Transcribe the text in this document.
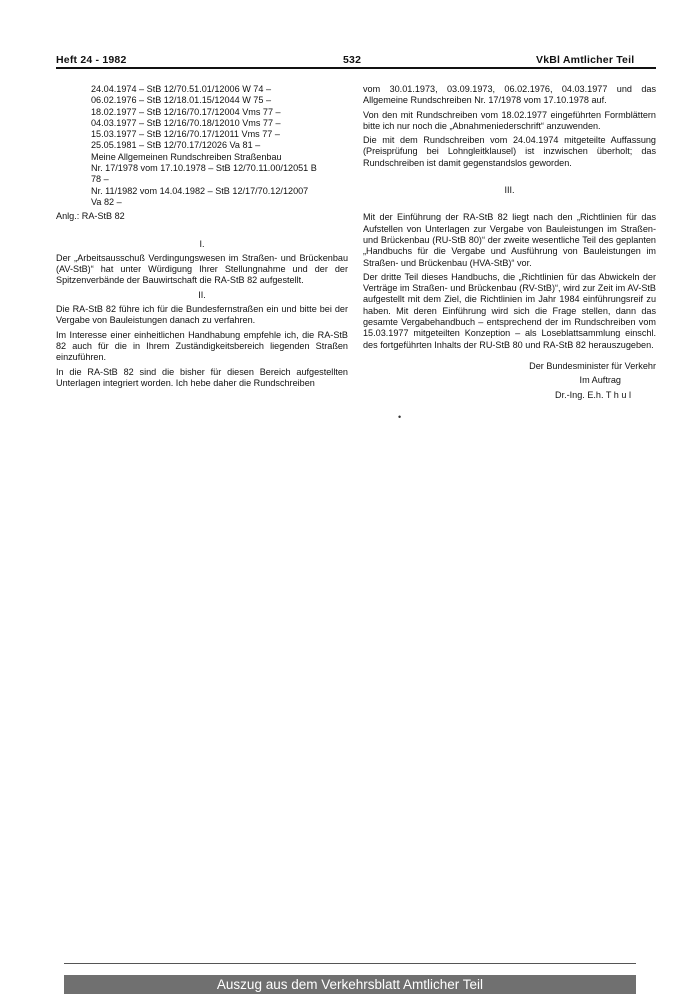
Heft 24 - 1982	532	VkBl Amtlicher Teil

24.04.1974 – StB 12/70.51.01/12006 W 74 –

06.02.1976 – StB 12/18.01.15/12044 W 75 –

18.02.1977 – StB 12/16/70.17/12004 Vms 77 –

04.03.1977 – StB 12/16/70.18/12010 Vms 77 –

15.03.1977 – StB 12/16/70.17/12011 Vms 77 –

25.05.1981 – StB 12/70.17/12026 Va 81 –

Meine Allgemeinen Rundschreiben Straßenbau

Nr. 17/1978 vom 17.10.1978 – StB 12/70.11.00/12051 B

78 –

Nr. 11/1982 vom 14.04.1982 – StB 12/17/70.12/12007

Va 82 –

Anlg.: RA-StB 82

I.

Der „Arbeitsausschuß Verdingungswesen im Straßen- und Brückenbau (AV-StB)“ hat unter Würdigung Ihrer Stellungnahme und der der Spitzenverbände der Bauwirtschaft die RA-StB 82 aufgestellt.

II.

Die RA-StB 82 führe ich für die Bundesfernstraßen ein und bitte bei der Vergabe von Bauleistungen danach zu verfahren.

Im Interesse einer einheitlichen Handhabung empfehle ich, die RA-StB 82 auch für die in Ihrem Zuständigkeitsbereich liegenden Straßen einzuführen.

In die RA-StB 82 sind die bisher für diesen Bereich aufgestellten Unterlagen integriert worden. Ich hebe daher die Rundschreiben

vom 30.01.1973, 03.09.1973, 06.02.1976, 04.03.1977 und das Allgemeine Rundschreiben Nr. 17/1978 vom 17.10.1978 auf.

Von den mit Rundschreiben vom 18.02.1977 eingeführten Formblättern bitte ich nur noch die „Abnahmeniederschrift“ anzuwenden.

Die mit dem Rundschreiben vom 24.04.1974 mitgeteilte Auffassung (Preisprüfung bei Lohngleitklausel) ist inzwischen überholt; das Rundschreiben ist damit gegenstandslos geworden.

III.

Mit der Einführung der RA-StB 82 liegt nach den „Richtlinien für das Aufstellen von Unterlagen zur Vergabe von Bauleistungen im Straßen- und Brückenbau (RU-StB 80)“ der zweite wesentliche Teil des geplanten „Handbuchs für die Vergabe und Ausführung von Bauleistungen im Straßen- und Brückenbau (HVA-StB)“ vor.

Der dritte Teil dieses Handbuchs, die „Richtlinien für das Abwickeln der Verträge im Straßen- und Brückenbau (RV-StB)“, wird zur Zeit im AV-StB aufgestellt mit dem Ziel, die Richtlinien im Jahr 1984 einführungsreif zu haben. Mit deren Einführung wird sich die Frage stellen, dann das gesamte Vergabehandbuch – entsprechend der im Rundschreiben vom 15.03.1977 mitgeteilten Konzeption – als Loseblattsammlung einschl. des fortgeführten Inhalts der RU-StB 80 und RA-StB 82 herauszugeben.

Der Bundesminister für Verkehr

Im Auftrag

Dr.-Ing. E.h. T h u l

•
Auszug aus dem Verkehrsblatt Amtlicher Teil
